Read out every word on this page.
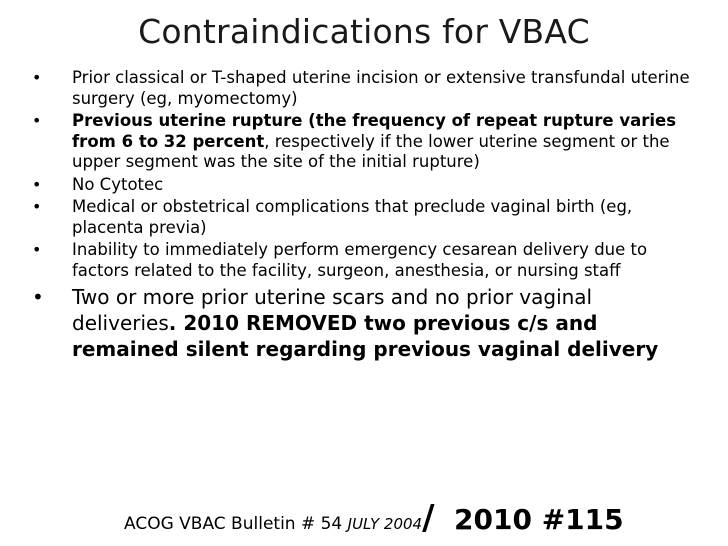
Contraindications for VBAC
• Prior classical or T-shaped uterine incision or extensive transfundal uterine surgery (eg, myomectomy)
• Previous uterine rupture (the frequency of repeat rupture varies from 6 to 32 percent, respectively if the lower uterine segment or the upper segment was the site of the initial rupture)
• No Cytotec
• Medical or obstetrical complications that preclude vaginal birth (eg, placenta previa)
• Inability to immediately perform emergency cesarean delivery due to factors related to the facility, surgeon, anesthesia, or nursing staff
• Two or more prior uterine scars and no prior vaginal deliveries. 2010 REMOVED two previous c/s and remained silent regarding previous vaginal delivery
ACOG VBAC Bulletin # 54 JULY 2004/  2010 #115
